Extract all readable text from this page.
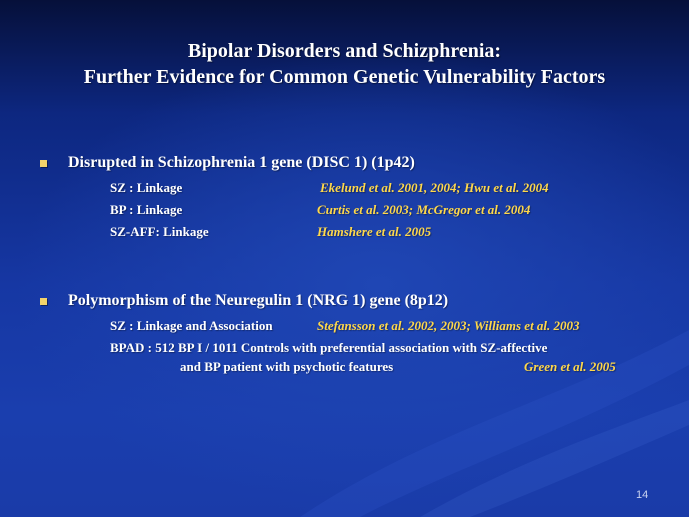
Bipolar Disorders and Schizphrenia:
Further Evidence for Common Genetic Vulnerability Factors
Disrupted in Schizophrenia 1 gene (DISC 1) (1p42)
SZ : Linkage	Ekelund et al. 2001, 2004; Hwu et al. 2004
BP : Linkage	Curtis et al. 2003; McGregor et al. 2004
SZ-AFF: Linkage	Hamshere et al. 2005
Polymorphism of the Neuregulin 1 (NRG 1) gene (8p12)
SZ : Linkage and Association	Stefansson et al. 2002, 2003; Williams et al. 2003
BPAD : 512 BP I / 1011 Controls with preferential association with SZ-affective
and BP patient with psychotic features	Green et al. 2005
14
